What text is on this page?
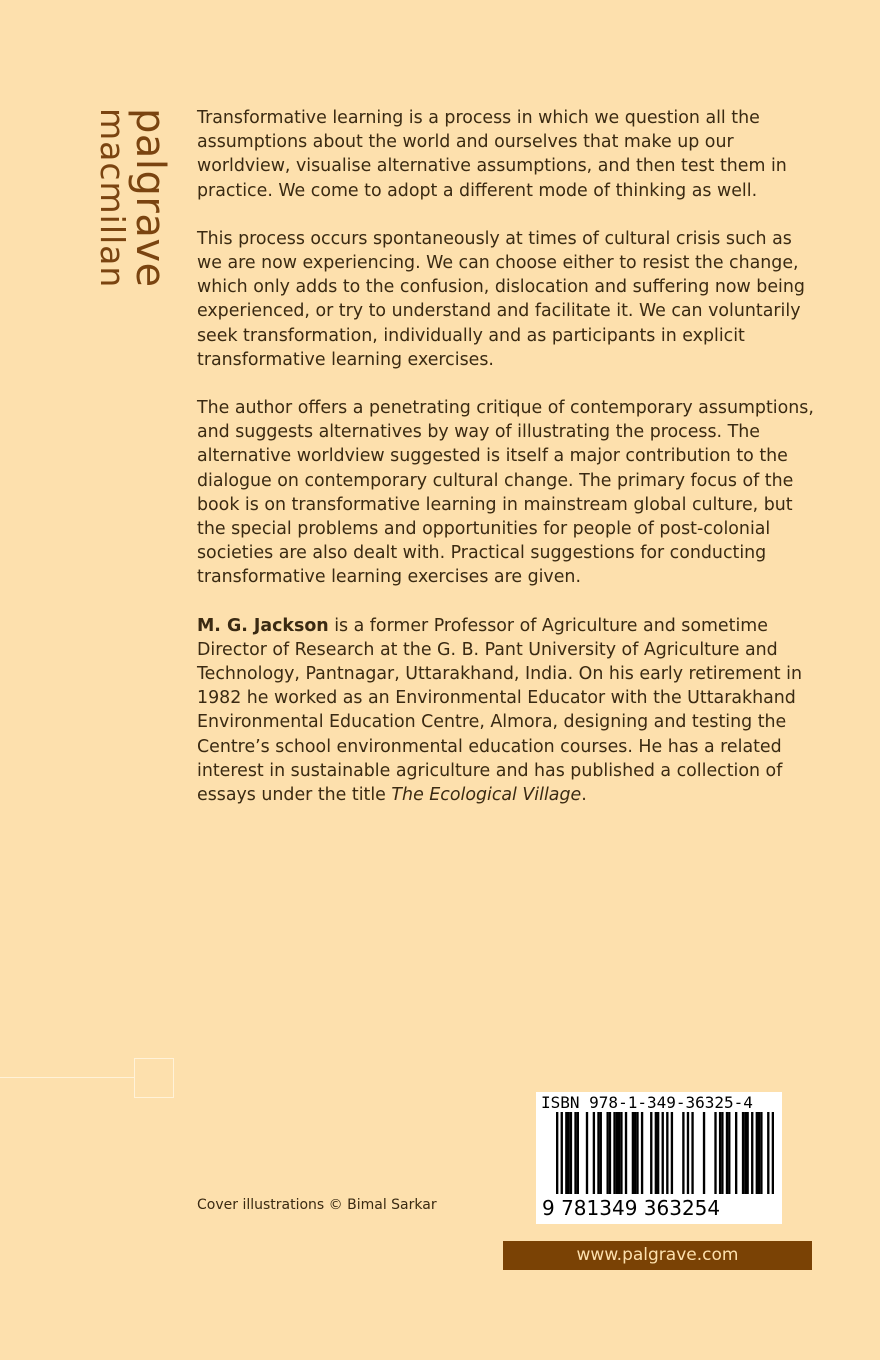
palgrave
macmillan	Transformative learning is a process in which we question all the assumptions about the world and ourselves that make up our worldview, visualise alternative assumptions, and then test them in practice. We come to adopt a different mode of thinking as well.

This process occurs spontaneously at times of cultural crisis such as we are now experiencing. We can choose either to resist the change, which only adds to the confusion, dislocation and suffering now being experienced, or try to understand and facilitate it. We can voluntarily seek transformation, individually and as participants in explicit transformative learning exercises.

The author offers a penetrating critique of contemporary assumptions, and suggests alternatives by way of illustrating the process. The alternative worldview suggested is itself a major contribution to the dialogue on contemporary cultural change. The primary focus of the book is on transformative learning in mainstream global culture, but the special problems and opportunities for people of post-colonial societies are also dealt with. Practical suggestions for conducting transformative learning exercises are given.

M. G. Jackson is a former Professor of Agriculture and sometime Director of Research at the G. B. Pant University of Agriculture and Technology, Pantnagar, Uttarakhand, India. On his early retirement in 1982 he worked as an Environmental Educator with the Uttarakhand Environmental Education Centre, Almora, designing and testing the Centre’s school environmental education courses. He has a related interest in sustainable agriculture and has published a collection of essays under the title The Ecological Village.

Cover illustrations © Bimal Sarkar
ISBN 978-1-349-36325-4
9 781349 363254
www.palgrave.com
